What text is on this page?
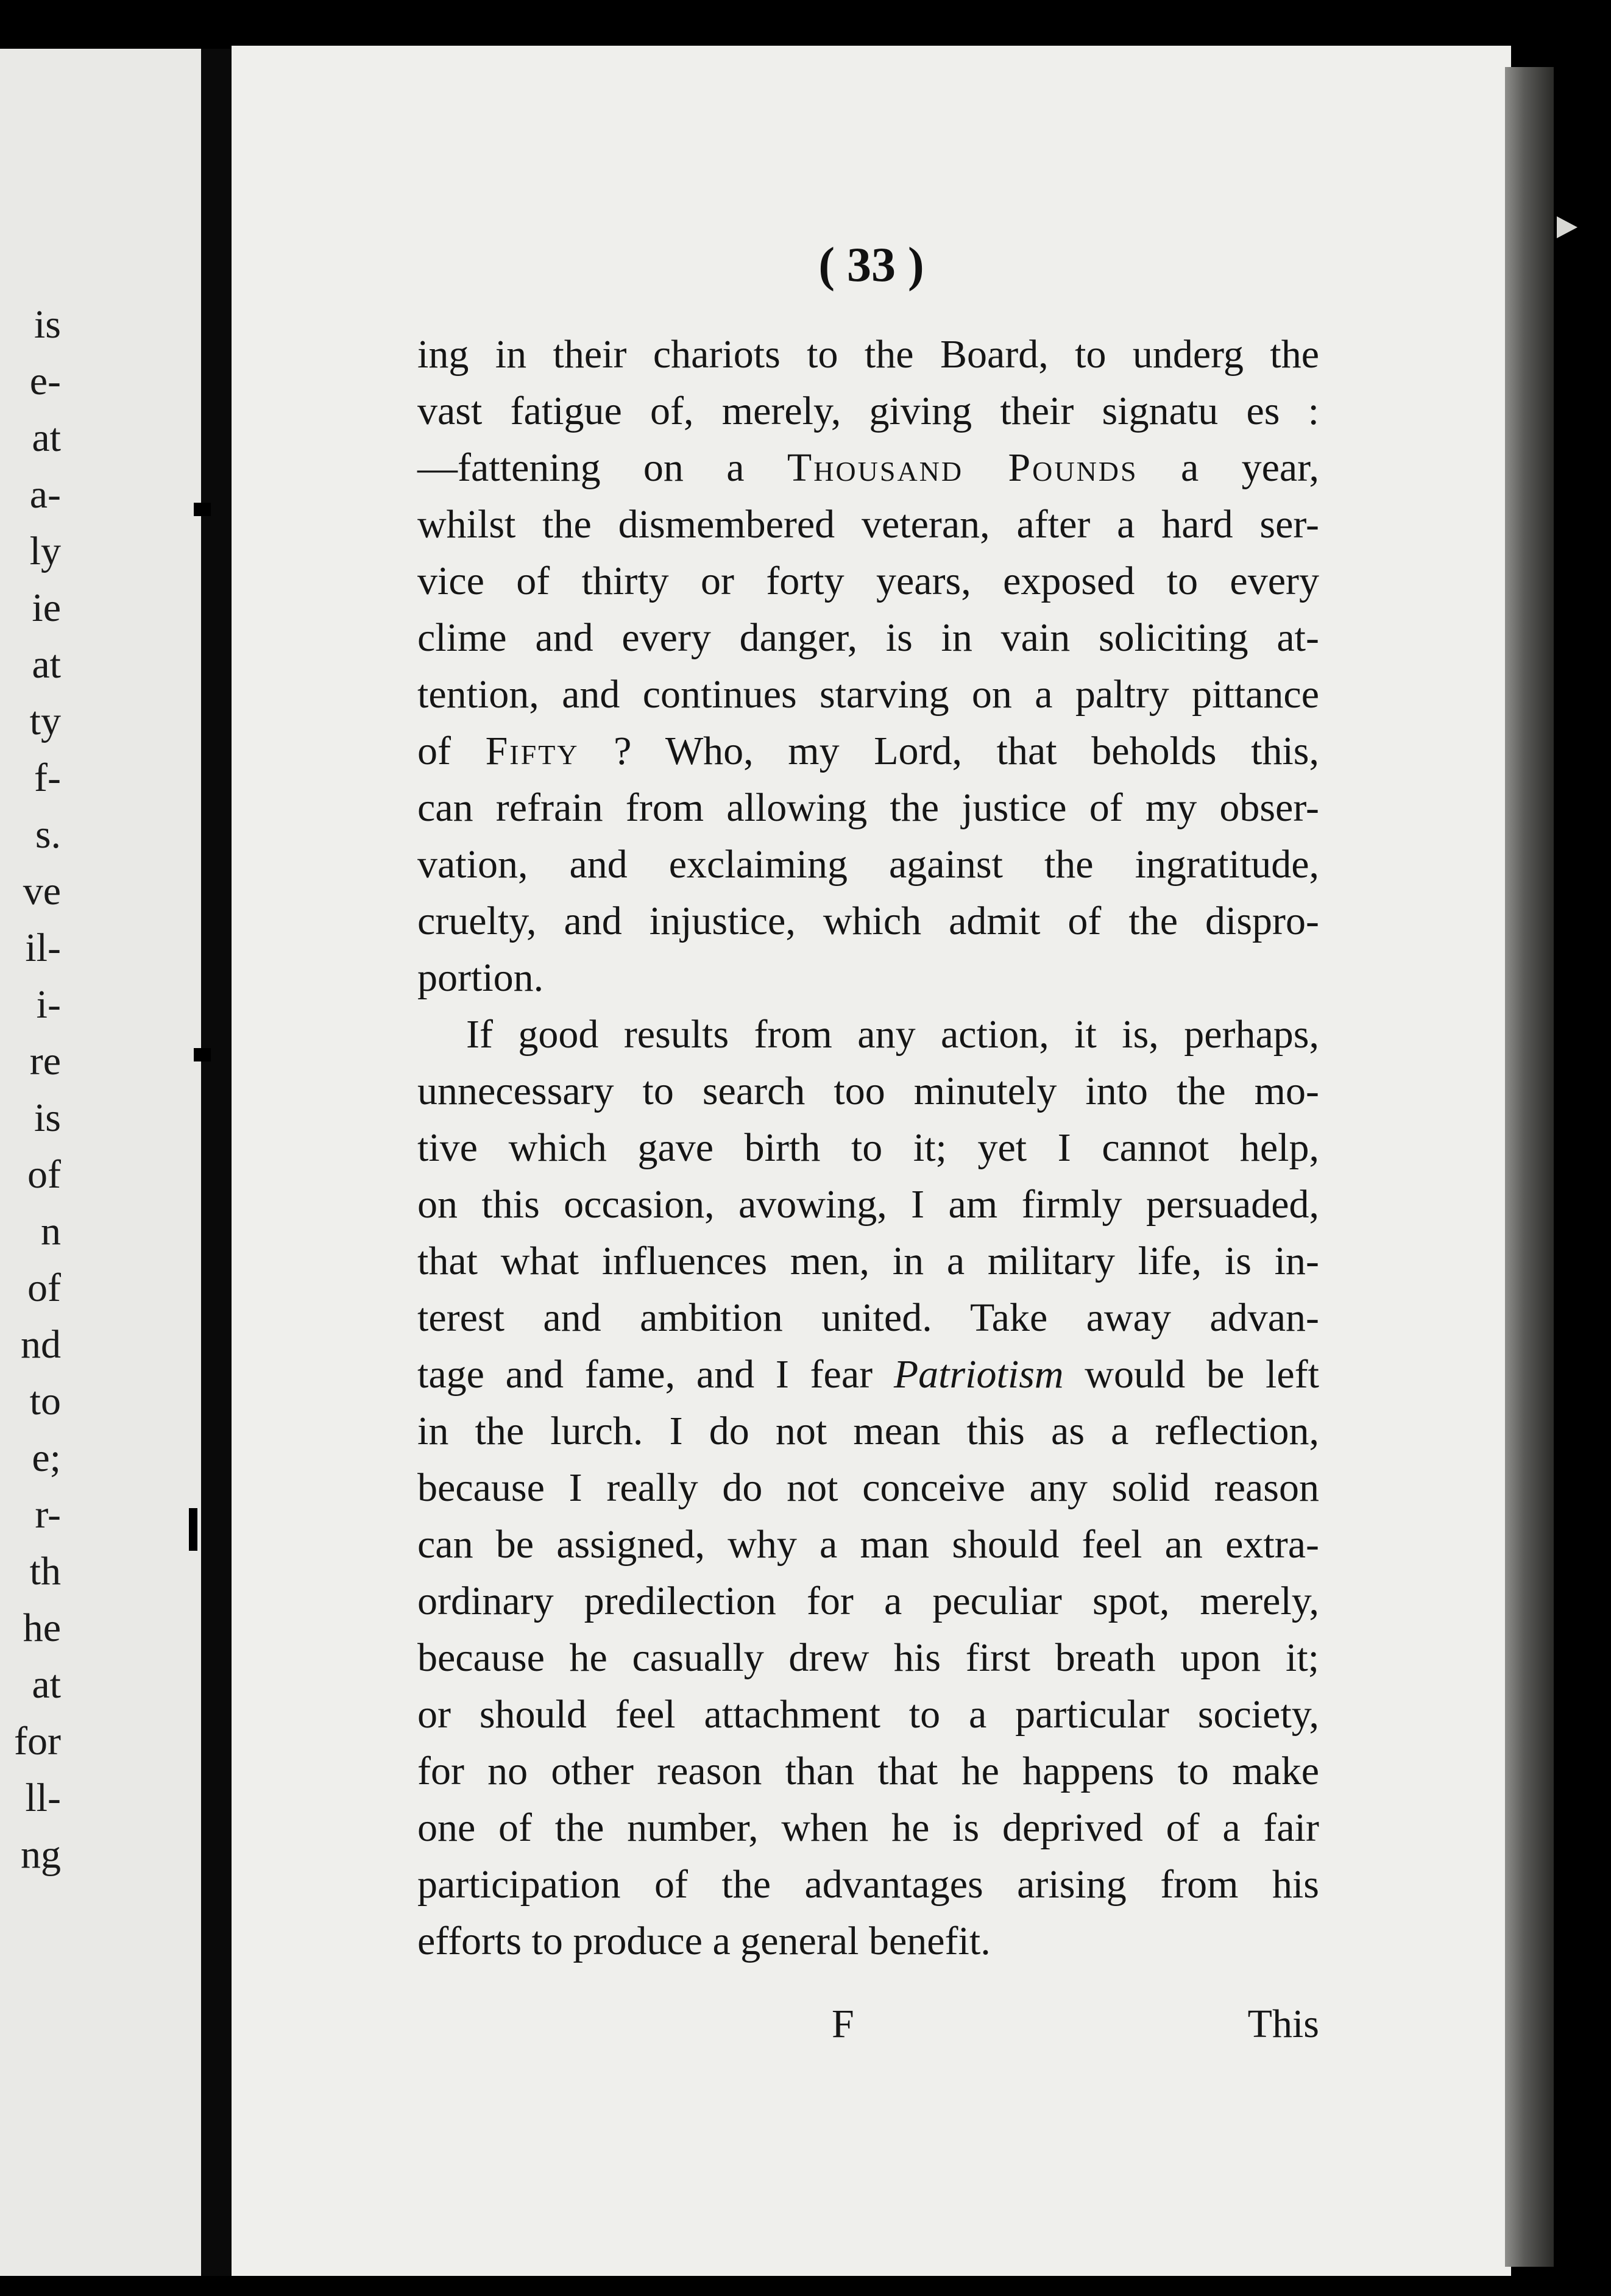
is
e-
at
a-
ly
ie
at
ty
f-
s.
ve
il-
i-
re
is
of
n
of
nd
to
e;
r-
th
he
at
for
ll-
ng
( 33 )
ing in their chariots to the Board, to underg the
vast fatigue of, merely, giving their signatu es :
—fattening on a Thousand Pounds a year,
whilst the dismembered veteran, after a hard ser-
vice of thirty or forty years, exposed to every
clime and every danger, is in vain soliciting at-
tention, and continues starving on a paltry pittance
of Fifty ? Who, my Lord, that beholds this,
can refrain from allowing the justice of my obser-
vation, and exclaiming against the ingratitude,
cruelty, and injustice, which admit of the dispro-
portion.
If good results from any action, it is, perhaps,
unnecessary to search too minutely into the mo-
tive which gave birth to it; yet I cannot help,
on this occasion, avowing, I am firmly persuaded,
that what influences men, in a military life, is in-
terest and ambition united. Take away advan-
tage and fame, and I fear Patriotism would be left
in the lurch. I do not mean this as a reflection,
because I really do not conceive any solid reason
can be assigned, why a man should feel an extra-
ordinary predilection for a peculiar spot, merely,
because he casually drew his first breath upon it;
or should feel attachment to a particular society,
for no other reason than that he happens to make
one of the number, when he is deprived of a fair
participation of the advantages arising from his
efforts to produce a general benefit.
F	This
